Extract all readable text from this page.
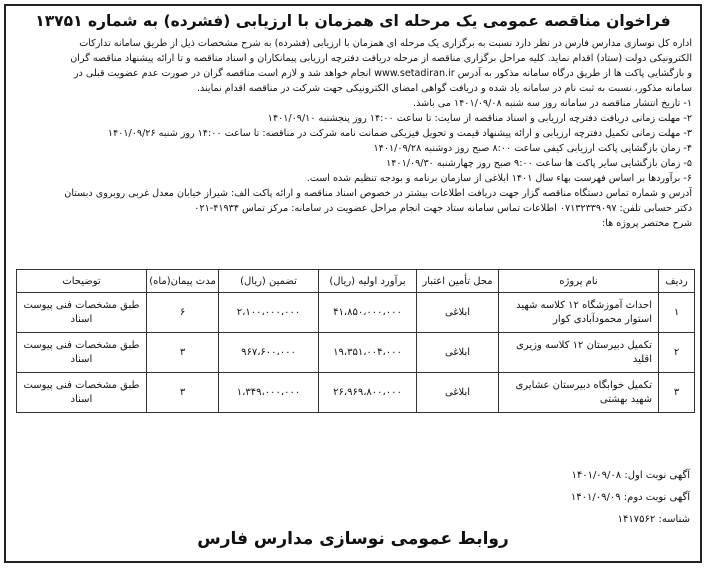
فراخوان مناقصه عمومی یک مرحله ای همزمان با ارزیابی (فشرده) به شماره ۱۳۷۵۱

اداره کل نوسازی مدارس فارس در نظر دارد نسبت به برگزاری یک مرحله ای همزمان با ارزیابی (فشرده) به شرح مشخصات ذیل از طریق سامانه تدارکات

الکترونیکی دولت (ستاد) اقدام نماید. کلیه مراحل برگزاری مناقصه از مرحله دریافت دفترچه ارزیابی پیمانکاران و اسناد مناقصه و تا ارائه پیشنهاد مناقصه گران

و بازگشایی پاکت ها از طریق درگاه سامانه مذکور به آدرس www.setadiran.ir انجام خواهد شد و لازم است مناقصه گران در صورت عدم عضویت قبلی در

سامانه مذکور، نسبت به ثبت نام در سامانه یاد شده و دریافت گواهی امضای الکترونیکی جهت شرکت در مناقصه اقدام نمایند.

۱- تاریخ انتشار مناقصه در سامانه روز سه شنبه ۱۴۰۱/۰۹/۰۸ می باشد.

۲- مهلت زمانی دریافت دفترچه ارزیابی و اسناد مناقصه از سایت: تا ساعت ۱۴:۰۰ روز پنجشنبه ۱۴۰۱/۰۹/۱۰

۳- مهلت زمانی تکمیل دفترچه ارزیابی و ارائه پیشنهاد قیمت و تحویل فیزیکی ضمانت نامه شرکت در مناقصه: تا ساعت ۱۴:۰۰ روز شنبه ۱۴۰۱/۰۹/۲۶

۴- زمان بازگشایی پاکت ارزیابی کیفی ساعت ۸:۰۰ صبح روز دوشنبه ۱۴۰۱/۰۹/۲۸

۵- زمان بازگشایی سایر پاکت ها ساعت ۹:۰۰ صبح روز چهارشنبه ۱۴۰۱/۰۹/۳۰

۶- برآوردها بر اساس فهرست بهاء سال ۱۴۰۱ ابلاغی از سازمان برنامه و بودجه تنظیم شده است.

آدرس و شماره تماس دستگاه مناقصه گزار جهت دریافت اطلاعات بیشتر در خصوص اسناد مناقصه و ارائه پاکت الف: شیراز خیابان معدل غربی روبروی دبستان

دکتر حسابی تلفن: ۰۷۱۳۲۳۳۹۰۹۷ اطلاعات تماس سامانه ستاد جهت انجام مراحل عضویت در سامانه: مرکز تماس ۴۱۹۳۴-۰۲۱

شرح مختصر پروژه ها:

ردیف	نام پروژه	محل تأمین اعتبار	برآورد اولیه (ریال)	تضمین (ریال)	مدت پیمان(ماه)	توضیحات
۱	احداث آموزشگاه ۱۲ کلاسه شهید استوار محمودآبادی کوار	ابلاغی	۴۱،۸۵۰،۰۰۰،۰۰۰	۲،۱۰۰،۰۰۰،۰۰۰	۶	طبق مشخصات فنی پیوست اسناد
۲	تکمیل دبیرستان ۱۲ کلاسه وزیری اقلید	ابلاغی	۱۹،۳۵۱،۰۰۴،۰۰۰	۹۶۷،۶۰۰،۰۰۰	۳	طبق مشخصات فنی پیوست اسناد
۳	تکمیل خوابگاه دبیرستان عشایری شهید بهشتی	ابلاغی	۲۶،۹۶۹،۸۰۰،۰۰۰	۱،۳۴۹،۰۰۰،۰۰۰	۳	طبق مشخصات فنی پیوست اسناد
آگهی نوبت اول: ۱۴۰۱/۰۹/۰۸
آگهی نوبت دوم: ۱۴۰۱/۰۹/۰۹
شناسه: ۱۴۱۷۵۶۲
روابط عمومی نوسازی مدارس فارس
